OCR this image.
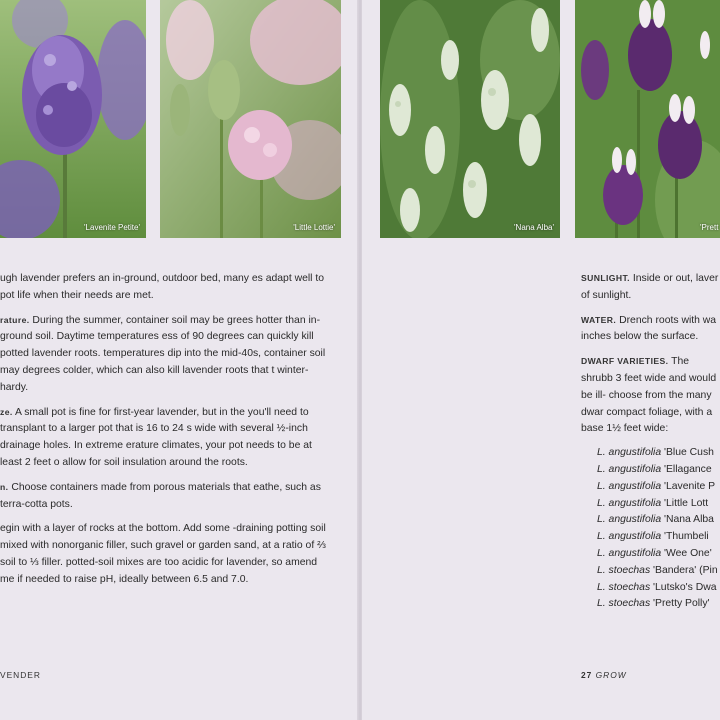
'Lavenite Petite'	'Little Lottie'

ugh lavender prefers an in-ground, outdoor bed, many es adapt well to pot life when their needs are met.

rature. During the summer, container soil may be grees hotter than in-ground soil. Daytime temperatures ess of 90 degrees can quickly kill potted lavender roots. temperatures dip into the mid-40s, container soil may degrees colder, which can also kill lavender roots that t winter-hardy.

ze. A small pot is fine for first-year lavender, but in the you'll need to transplant to a larger pot that is 16 to 24 s wide with several ½-inch drainage holes. In extreme erature climates, your pot needs to be at least 2 feet o allow for soil insulation around the roots.

n. Choose containers made from porous materials that eathe, such as terra-cotta pots.

egin with a layer of rocks at the bottom. Add some -draining potting soil mixed with nonorganic filler, such gravel or garden sand, at a ratio of ⅔ soil to ⅓ filler. potted-soil mixes are too acidic for lavender, so amend me if needed to raise pH, ideally between 6.5 and 7.0.

VENDER
'Nana Alba'	'Prett

SUNLIGHT. Inside or out, laver of sunlight.

WATER. Drench roots with wa inches below the surface.

DWARF VARIETIES. The shrubb 3 feet wide and would be ill- choose from the many dwar compact foliage, with a base 1½ feet wide:

L. angustifolia 'Blue Cush
L. angustifolia 'Ellagance
L. angustifolia 'Lavenite P
L. angustifolia 'Little Lott
L. angustifolia 'Nana Alba
L. angustifolia 'Thumbeli
L. angustifolia 'Wee One'
L. stoechas 'Bandera' (Pin
L. stoechas 'Lutsko's Dwa
L. stoechas 'Pretty Polly'
27 GROW
